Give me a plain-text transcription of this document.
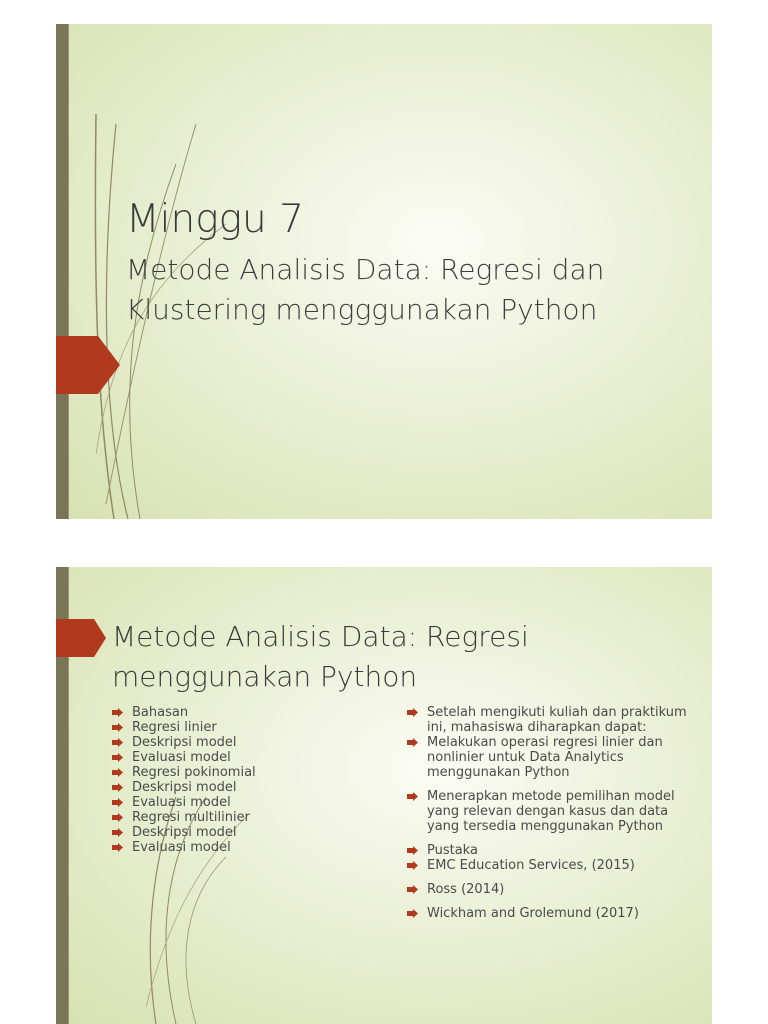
Minggu 7

Metode Analisis Data: Regresi dan Klustering mengggunakan Python

Metode Analisis Data: Regresi menggunakan Python
Bahasan
Regresi linier
Deskripsi model
Evaluasi model
Regresi pokinomial
Deskripsi model
Evaluasi model
Regresi multilinier
Deskripsi model
Evaluasi model
Setelah mengikuti kuliah dan praktikum ini, mahasiswa diharapkan dapat:
Melakukan operasi regresi linier dan nonlinier untuk Data Analytics menggunakan Python
Menerapkan metode pemilihan model yang relevan dengan kasus dan data yang tersedia menggunakan Python
Pustaka
EMC Education Services, (2015)
Ross (2014)
Wickham and Grolemund (2017)
